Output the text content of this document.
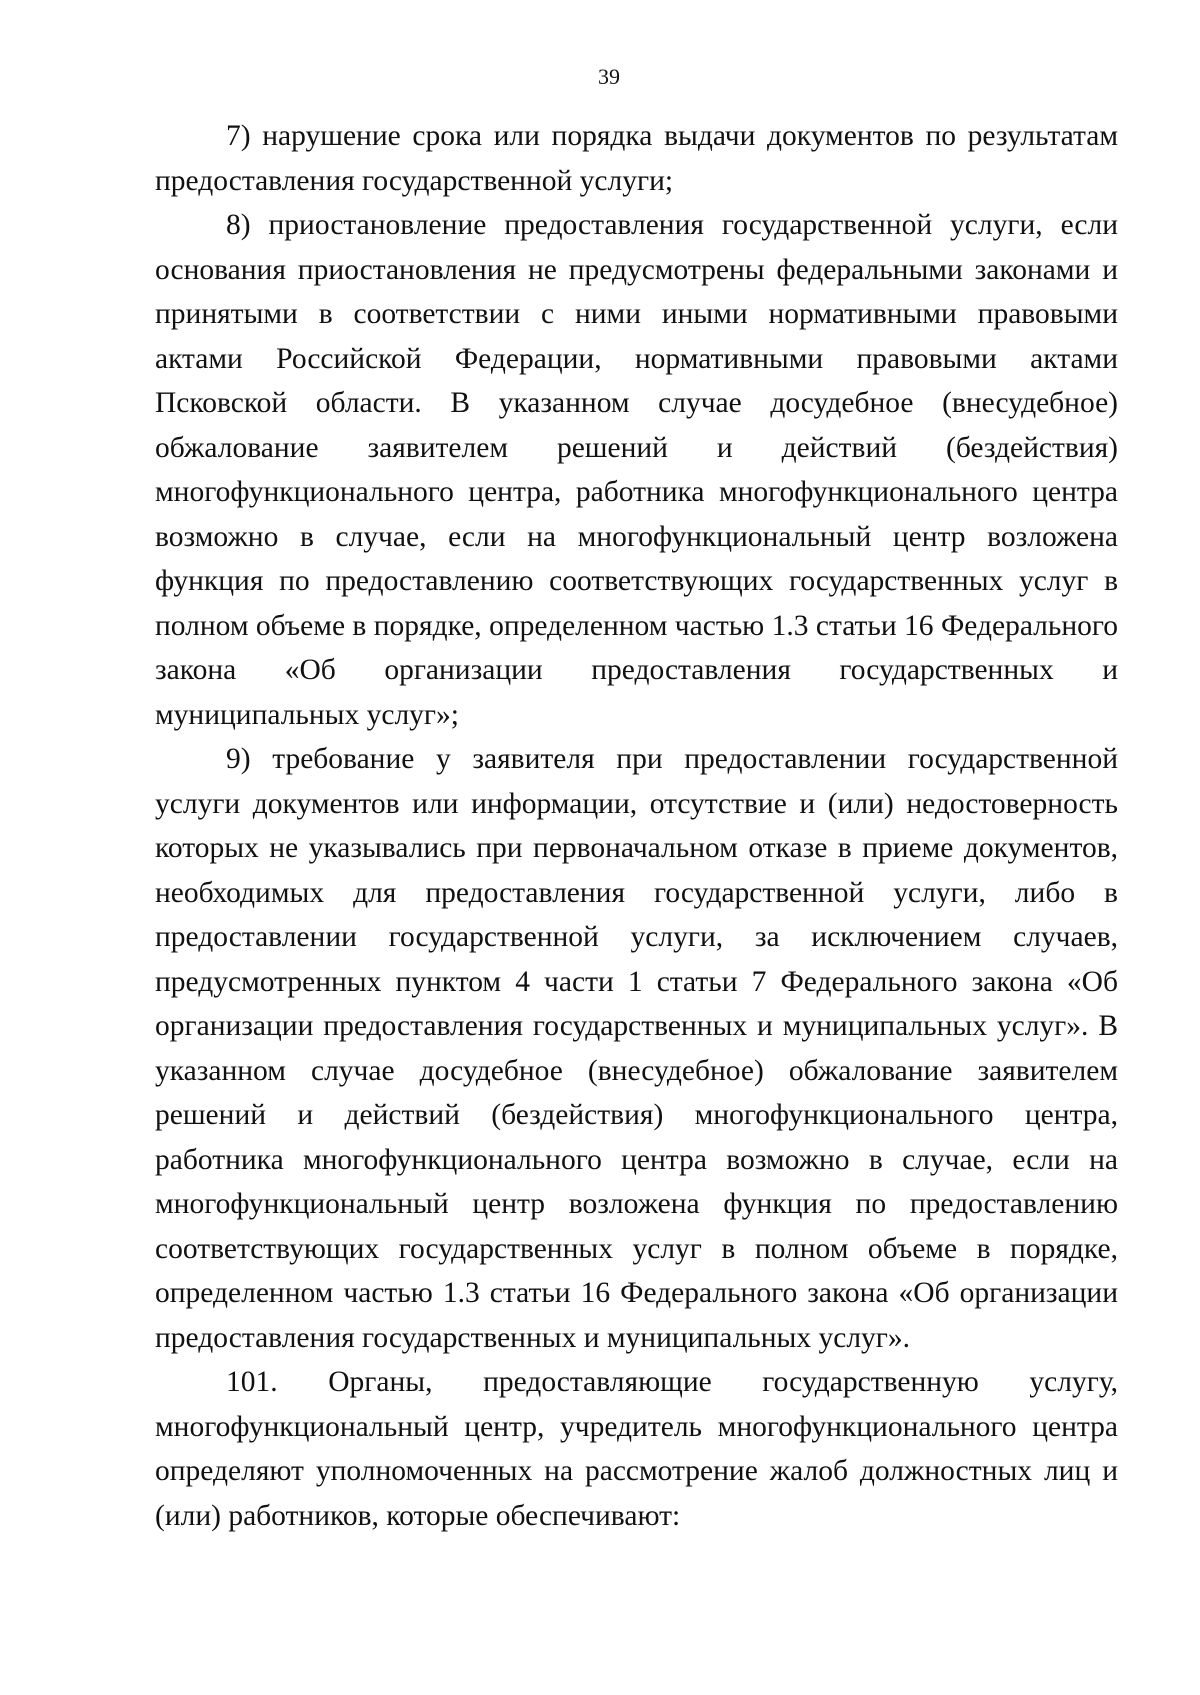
39

7) нарушение срока или порядка выдачи документов по результатам предоставления государственной услуги;

8) приостановление предоставления государственной услуги, если основания приостановления не предусмотрены федеральными законами и принятыми в соответствии с ними иными нормативными правовыми актами Российской Федерации, нормативными правовыми актами Псковской области. В указанном случае досудебное (внесудебное) обжалование заявителем решений и действий (бездействия) многофункционального центра, работника многофункционального центра возможно в случае, если на многофункциональный центр возложена функция по предоставлению соответствующих государственных услуг в полном объеме в порядке, определенном частью 1.3 статьи 16 Федерального закона «Об организации предоставления государственных и муниципальных услуг»;

9) требование у заявителя при предоставлении государственной услуги документов или информации, отсутствие и (или) недостоверность которых не указывались при первоначальном отказе в приеме документов, необходимых для предоставления государственной услуги, либо в предоставлении государственной услуги, за исключением случаев, предусмотренных пунктом 4 части 1 статьи 7 Федерального закона «Об организации предоставления государственных и муниципальных услуг». В указанном случае досудебное (внесудебное) обжалование заявителем решений и действий (бездействия) многофункционального центра, работника многофункционального центра возможно в случае, если на многофункциональный центр возложена функция по предоставлению соответствующих государственных услуг в полном объеме в порядке, определенном частью 1.3 статьи 16 Федерального закона «Об организации предоставления государственных и муниципальных услуг».

101. Органы, предоставляющие государственную услугу, многофункциональный центр, учредитель многофункционального центра определяют уполномоченных на рассмотрение жалоб должностных лиц и (или) работников, которые обеспечивают:
